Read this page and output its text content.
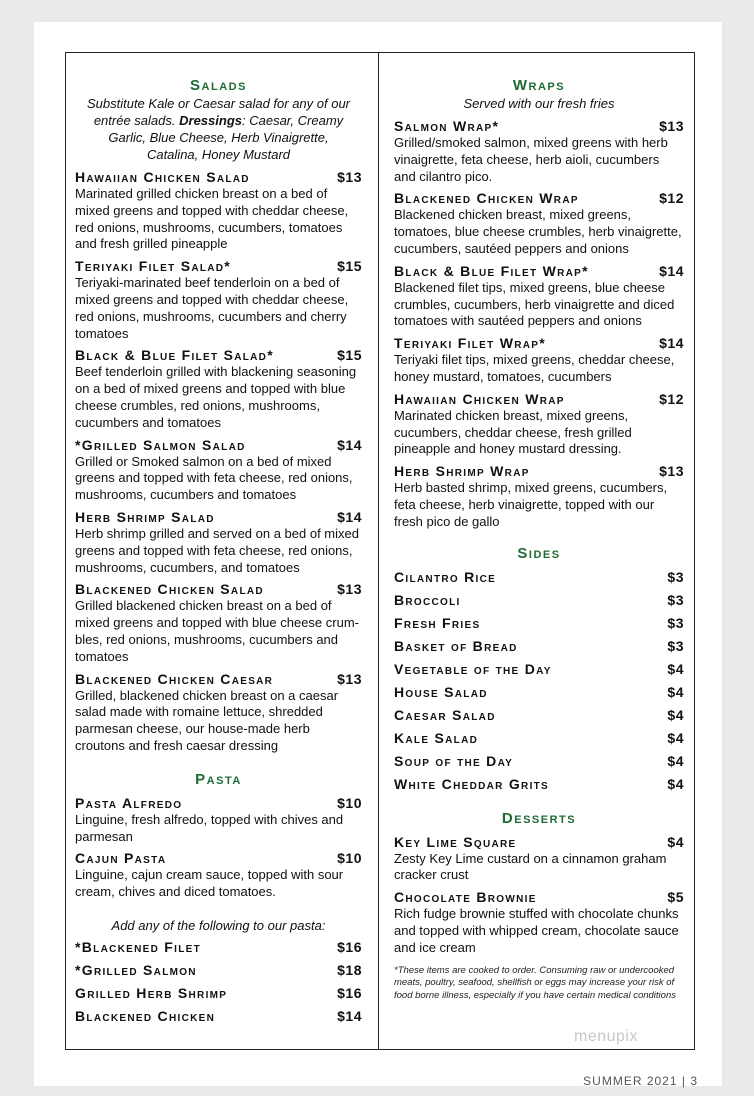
Salads
Substitute Kale or Caesar salad for any of our entrée salads. Dressings: Caesar, Creamy Garlic, Blue Cheese, Herb Vinaigrette, Catalina, Honey Mustard
Hawaiian Chicken Salad	$13
Marinated grilled chicken breast on a bed of mixed greens and topped with cheddar cheese, red onions, mushrooms, cucumbers, tomatoes and fresh grilled pineapple
Teriyaki Filet Salad*	$15
Teriyaki-marinated beef tenderloin on a bed of mixed greens and topped with cheddar cheese, red onions, mushrooms, cucumbers and cherry tomatoes
Black & Blue Filet Salad*	$15
Beef tenderloin grilled with blackening seasoning on a bed of mixed greens and topped with blue cheese crumbles, red onions, mushrooms, cucumbers and tomatoes
*Grilled Salmon Salad	$14
Grilled or Smoked salmon on a bed of mixed greens and topped with feta cheese, red onions, mushrooms, cucumbers and tomatoes
Herb Shrimp Salad	$14
Herb shrimp grilled and served on a bed of mixed greens and topped with feta cheese, red onions, mushrooms, cucumbers, and tomatoes
Blackened Chicken Salad	$13
Grilled blackened chicken breast on a bed of mixed greens and topped with blue cheese crum- bles, red onions, mushrooms, cucumbers and tomatoes
Blackened Chicken Caesar	$13
Grilled, blackened chicken breast on a caesar salad made with romaine lettuce, shredded parmesan cheese, our house-made herb croutons and fresh caesar dressing
Pasta
Pasta Alfredo	$10
Linguine, fresh alfredo, topped with chives and parmesan
Cajun Pasta	$10
Linguine, cajun cream sauce, topped with sour cream, chives and diced tomatoes.
Add any of the following to our pasta:
*Blackened Filet	$16
*Grilled Salmon	$18
Grilled Herb Shrimp	$16
Blackened Chicken	$14
Wraps
Served with our fresh fries
Salmon Wrap*	$13
Grilled/smoked salmon, mixed greens with herb vinaigrette, feta cheese, herb aioli, cucumbers and cilantro pico.
Blackened Chicken Wrap	$12
Blackened chicken breast, mixed greens, tomatoes, blue cheese crumbles, herb vinaigrette, cucumbers, sautéed peppers and onions
Black & Blue Filet Wrap*	$14
Blackened filet tips, mixed greens, blue cheese crumbles, cucumbers, herb vinaigrette and diced tomatoes with sautéed peppers and onions
Teriyaki Filet Wrap*	$14
Teriyaki filet tips, mixed greens, cheddar cheese, honey mustard, tomatoes, cucumbers
Hawaiian Chicken Wrap	$12
Marinated chicken breast, mixed greens, cucumbers, cheddar cheese, fresh grilled pineapple and honey mustard dressing.
Herb Shrimp Wrap	$13
Herb basted shrimp, mixed greens, cucumbers, feta cheese, herb vinaigrette, topped with our fresh pico de gallo
Sides
Cilantro Rice	$3
Broccoli	$3
Fresh Fries	$3
Basket of Bread	$3
Vegetable of the Day	$4
House Salad	$4
Caesar Salad	$4
Kale Salad	$4
Soup of the Day	$4
White Cheddar Grits	$4
Desserts
Key Lime Square	$4
Zesty Key Lime custard on a cinnamon graham cracker crust
Chocolate Brownie	$5
Rich fudge brownie stuffed with chocolate chunks and topped with whipped cream, chocolate sauce and ice cream
*These items are cooked to order. Consuming raw or undercooked meats, poultry, seafood, shellfish or eggs may increase your risk of food borne illness, especially if you have certain medical conditions
menupix
SUMMER 2021 | 3
